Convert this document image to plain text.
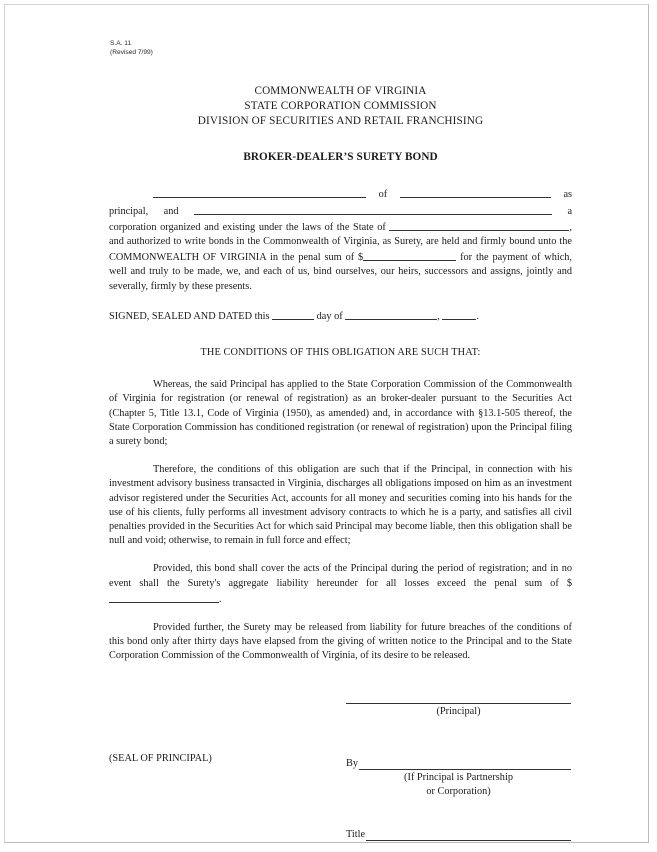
S.A. 11
(Revised 7/99)
COMMONWEALTH OF VIRGINIA
STATE CORPORATION COMMISSION
DIVISION OF SECURITIES AND RETAIL FRANCHISING
BROKER-DEALER’S SURETY BOND

of	as principal, and	a corporation organized and existing under the laws of the State of	, and authorized to write bonds in the Commonwealth of Virginia, as Surety, are held and firmly bound unto the COMMONWEALTH OF VIRGINIA in the penal sum of $	for the payment of which, well and truly to be made, we, and each of us, bind ourselves, our heirs, successors and assigns, jointly and severally, firmly by these presents.

SIGNED, SEALED AND DATED this	day of	,	.

THE CONDITIONS OF THIS OBLIGATION ARE SUCH THAT:

Whereas, the said Principal has applied to the State Corporation Commission of the Commonwealth of Virginia for registration (or renewal of registration) as an broker-dealer pursuant to the Securities Act (Chapter 5, Title 13.1, Code of Virginia (1950), as amended) and, in accordance with §13.1-505 thereof, the State Corporation Commission has conditioned registration (or renewal of registration) upon the Principal filing a surety bond;

Therefore, the conditions of this obligation are such that if the Principal, in connection with his investment advisory business transacted in Virginia, discharges all obligations imposed on him as an investment advisor registered under the Securities Act, accounts for all money and securities coming into his hands for the use of his clients, fully performs all investment advisory contracts to which he is a party, and satisfies all civil penalties provided in the Securities Act for which said Principal may become liable, then this obligation shall be null and void; otherwise, to remain in full force and effect;

Provided, this bond shall cover the acts of the Principal during the period of registration; and in no event shall the Surety's aggregate liability hereunder for all losses exceed the penal sum of $.

Provided further, the Surety may be released from liability for future breaches of the conditions of this bond only after thirty days have elapsed from the giving of written notice to the Principal and to the State Corporation Commission of the Commonwealth of Virginia, of its desire to be released.

(SEAL OF PRINCIPAL)
(Principal)
By
(If Principal is Partnership
or Corporation)
Title
